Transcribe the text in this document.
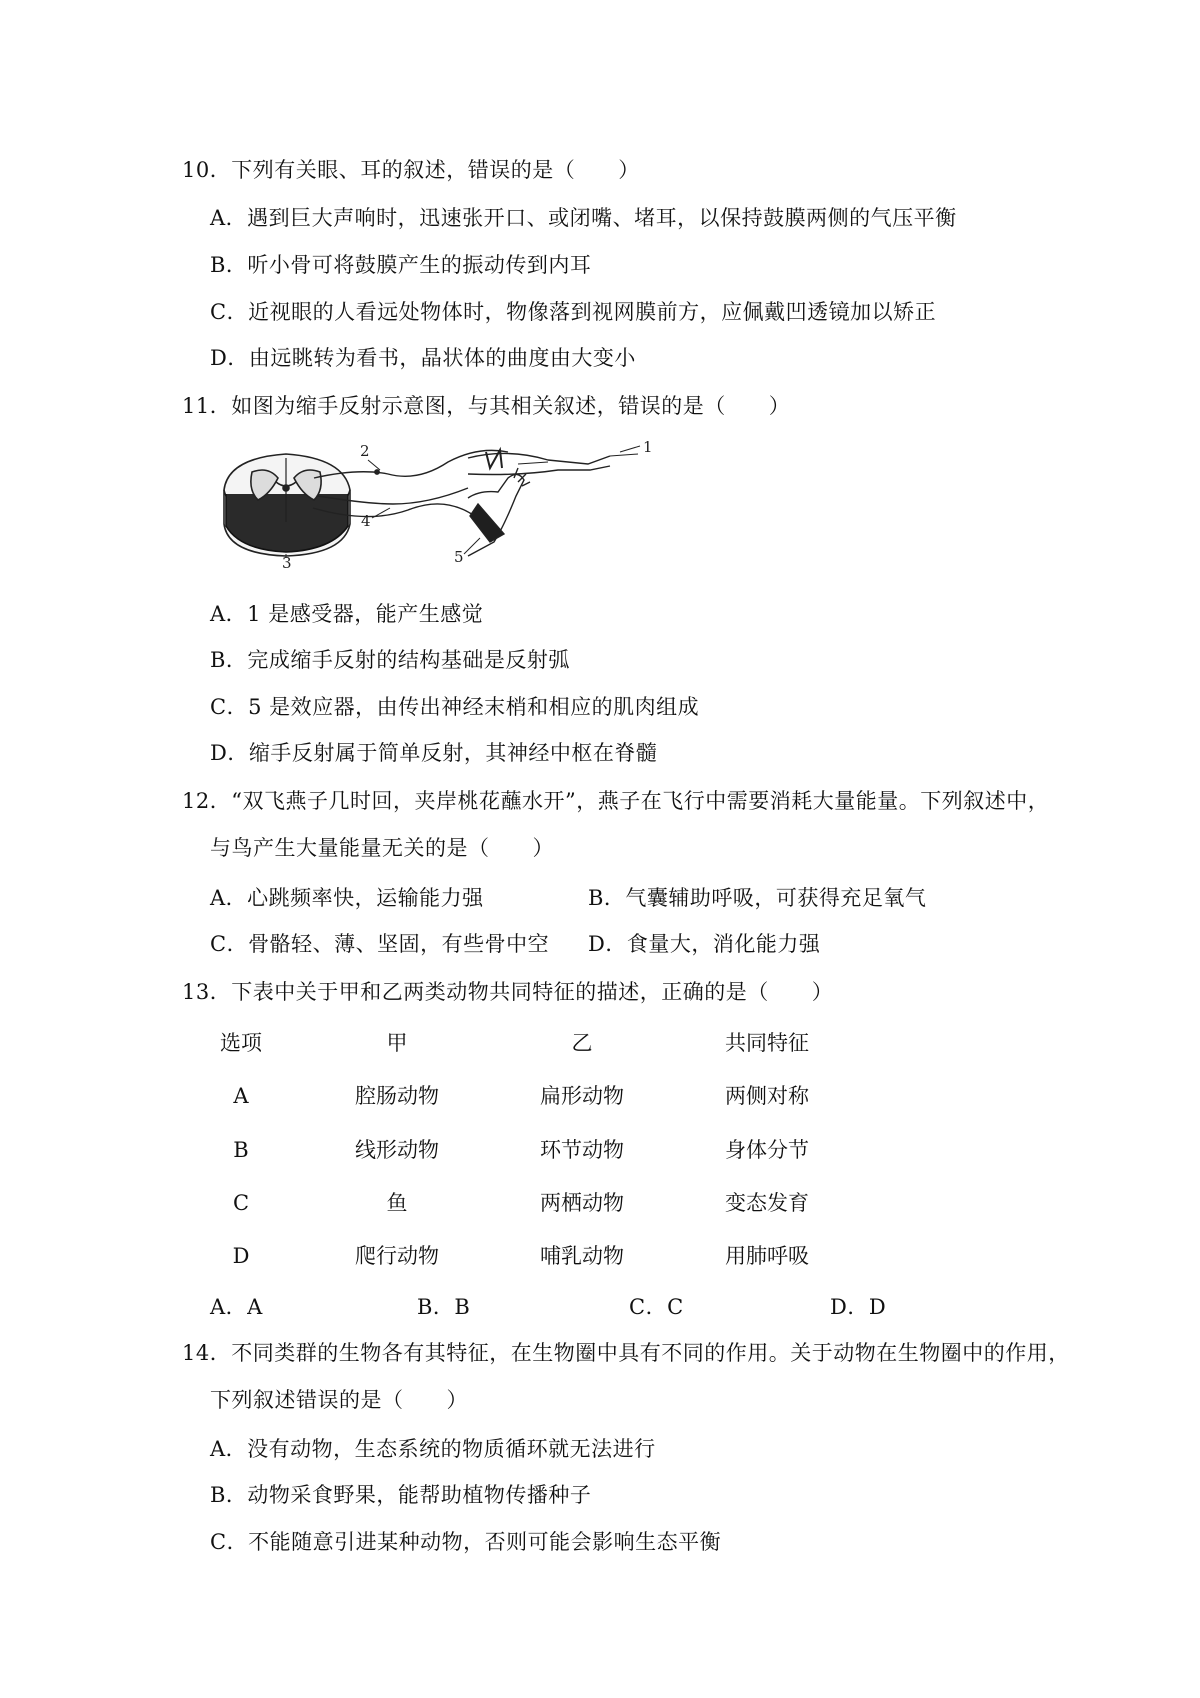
10．下列有关眼、耳的叙述，错误的是（　　）
A．遇到巨大声响时，迅速张开口、或闭嘴、堵耳，以保持鼓膜两侧的气压平衡
B．听小骨可将鼓膜产生的振动传到内耳
C．近视眼的人看远处物体时，物像落到视网膜前方，应佩戴凹透镜加以矫正
D．由远眺转为看书，晶状体的曲度由大变小
11．如图为缩手反射示意图，与其相关叙述，错误的是（　　）
1
2
3
4
5
A．1 是感受器，能产生感觉
B．完成缩手反射的结构基础是反射弧
C．5 是效应器，由传出神经末梢和相应的肌肉组成
D．缩手反射属于简单反射，其神经中枢在脊髓
12．“双飞燕子几时回，夹岸桃花蘸水开”，燕子在飞行中需要消耗大量能量。下列叙述中，
与鸟产生大量能量无关的是（　　）
A．心跳频率快，运输能力强	B．气囊辅助呼吸，可获得充足氧气
C．骨骼轻、薄、坚固，有些骨中空 D．食量大，消化能力强
13．下表中关于甲和乙两类动物共同特征的描述，正确的是（　　）
选项	甲	乙	共同特征
A	腔肠动物	扁形动物	两侧对称
B	线形动物	环节动物	身体分节
C	鱼	两栖动物	变态发育
D	爬行动物	哺乳动物	用肺呼吸
A．A	B．B	C．C	D．D
14．不同类群的生物各有其特征，在生物圈中具有不同的作用。关于动物在生物圈中的作用，
下列叙述错误的是（　　）
A．没有动物，生态系统的物质循环就无法进行
B．动物采食野果，能帮助植物传播种子
C．不能随意引进某种动物，否则可能会影响生态平衡
